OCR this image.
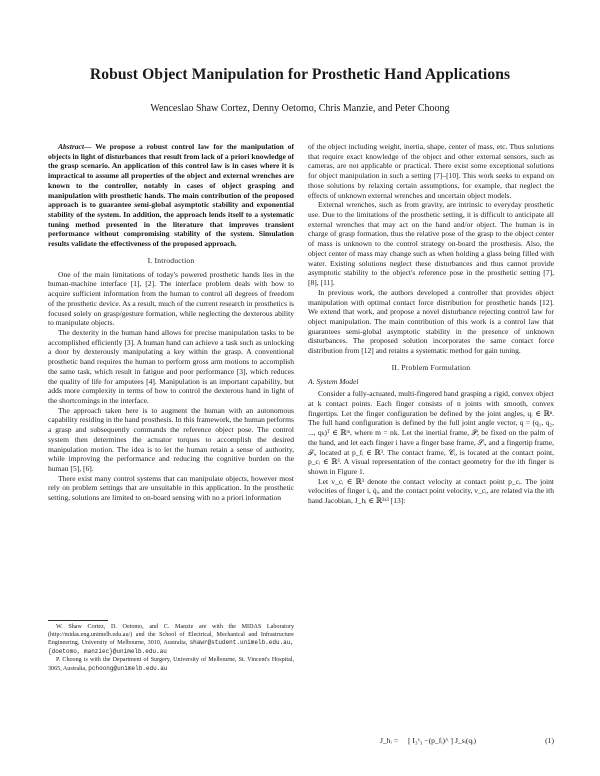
Robust Object Manipulation for Prosthetic Hand Applications
Wenceslao Shaw Cortez, Denny Oetomo, Chris Manzie, and Peter Choong

Abstract— We propose a robust control law for the manipulation of objects in light of disturbances that result from lack of a priori knowledge of the grasp scenario. An application of this control law is in cases where it is impractical to assume all properties of the object and external wrenches are known to the controller, notably in cases of object grasping and manipulation with prosthetic hands. The main contribution of the proposed approach is to guarantee semi-global asymptotic stability and exponential stability of the system. In addition, the approach lends itself to a systematic tuning method presented in the literature that improves transient performance without compromising stability of the system. Simulation results validate the effectiveness of the proposed approach.

I. Introduction

One of the main limitations of today's powered prosthetic hands lies in the human-machine interface [1], [2]. The interface problem deals with how to acquire sufficient information from the human to control all degrees of freedom of the prosthetic device. As a result, much of the current research in prosthetics is focused solely on grasp/gesture formation, while neglecting the dexterous ability to manipulate objects.

The dexterity in the human hand allows for precise manipulation tasks to be accomplished efficiently [3]. A human hand can achieve a task such as unlocking a door by dexterously manipulating a key within the grasp. A conventional prosthetic hand requires the human to perform gross arm motions to accomplish the same task, which result in fatigue and poor performance [3], which reduces the quality of life for amputees [4]. Manipulation is an important capability, but adds more complexity in terms of how to control the dexterous hand in light of the shortcomings in the interface.

The approach taken here is to augment the human with an autonomous capability residing in the hand prosthesis. In this framework, the human performs a grasp and subsequently commands the reference object pose. The control system then determines the actuator torques to accomplish the desired manipulation motion. The idea is to let the human retain a sense of authority, while improving the performance and reducing the cognitive burden on the human [5], [6].

There exist many control systems that can manipulate objects, however most rely on problem settings that are unsuitable in this application. In the prosthetic setting, solutions are limited to on-board sensing with no a priori information

W. Shaw Cortez, D. Oetomo, and C. Manzie are with the MIDAS Laboratory (http://midas.eng.unimelb.edu.au/) and the School of Electrical, Mechanical and Infrastructure Engineering, University of Melbourne, 3010, Australia, shawr@student.unimelb.edu.au, {doetomo, manziec}@unimelb.edu.au

P. Choong is with the Department of Surgery, University of Melbourne, St. Vincent's Hospital, 3065, Australia, pchoong@unimelb.edu.au

of the object including weight, inertia, shape, center of mass, etc. Thus solutions that require exact knowledge of the object and other external sensors, such as cameras, are not applicable or practical. There exist some exceptional solutions for object manipulation in such a setting [7]–[10]. This work seeks to expand on those solutions by relaxing certain assumptions, for example, that neglect the effects of unknown external wrenches and uncertain object models.

External wrenches, such as from gravity, are intrinsic to everyday prosthetic use. Due to the limitations of the prosthetic setting, it is difficult to anticipate all external wrenches that may act on the hand and/or object. The human is in charge of grasp formation, thus the relative pose of the grasp to the object center of mass is unknown to the control strategy on-board the prosthesis. Also, the object center of mass may change such as when holding a glass being filled with water. Existing solutions neglect these disturbances and thus cannot provide asymptotic stability to the object's reference pose in the prosthetic setting [7], [8], [11].

In previous work, the authors developed a controller that provides object manipulation with optimal contact force distribution for prosthetic hands [12]. We extend that work, and propose a novel disturbance rejecting control law for object manipulation. The main contribution of this work is a control law that guarantees semi-global asymptotic stability in the presence of unknown disturbances. The proposed solution incorporates the same contact force distribution from [12] and retains a systematic method for gain tuning.

II. Problem Formulation
A. System Model

Consider a fully-actuated, multi-fingered hand grasping a rigid, convex object at k contact points. Each finger consists of n joints with smooth, convex fingertips. Let the finger configuration be defined by the joint angles, qᵢ ∈ ℝⁿ. The full hand configuration is defined by the full joint angle vector, q = (q₁, q₂, ..., qₖ)ᵀ ∈ ℝᵐ, where m = nk. Let the inertial frame, 𝒫, be fixed on the palm of the hand, and let each finger i have a finger base frame, 𝒮ᵢ, and a fingertip frame, ℱᵢ, located at p_fᵢ ∈ ℝ³. The contact frame, 𝒞ᵢ, is located at the contact point, p_cᵢ ∈ ℝ³. A visual representation of the contact geometry for the ith finger is shown in Figure 1.

Let v_cᵢ ∈ ℝ³ denote the contact velocity at contact point p_cᵢ. The joint velocities of finger i, q̇ᵢ, and the contact point velocity, v_cᵢ, are related via the ith hand Jacobian, J_hᵢ ∈ ℝ³ˣ³ [13]:

J_hᵢ = [ I₃ˣ₃ −(p_fᵢ)^ ] J_sᵢ(qᵢ)	(1)
